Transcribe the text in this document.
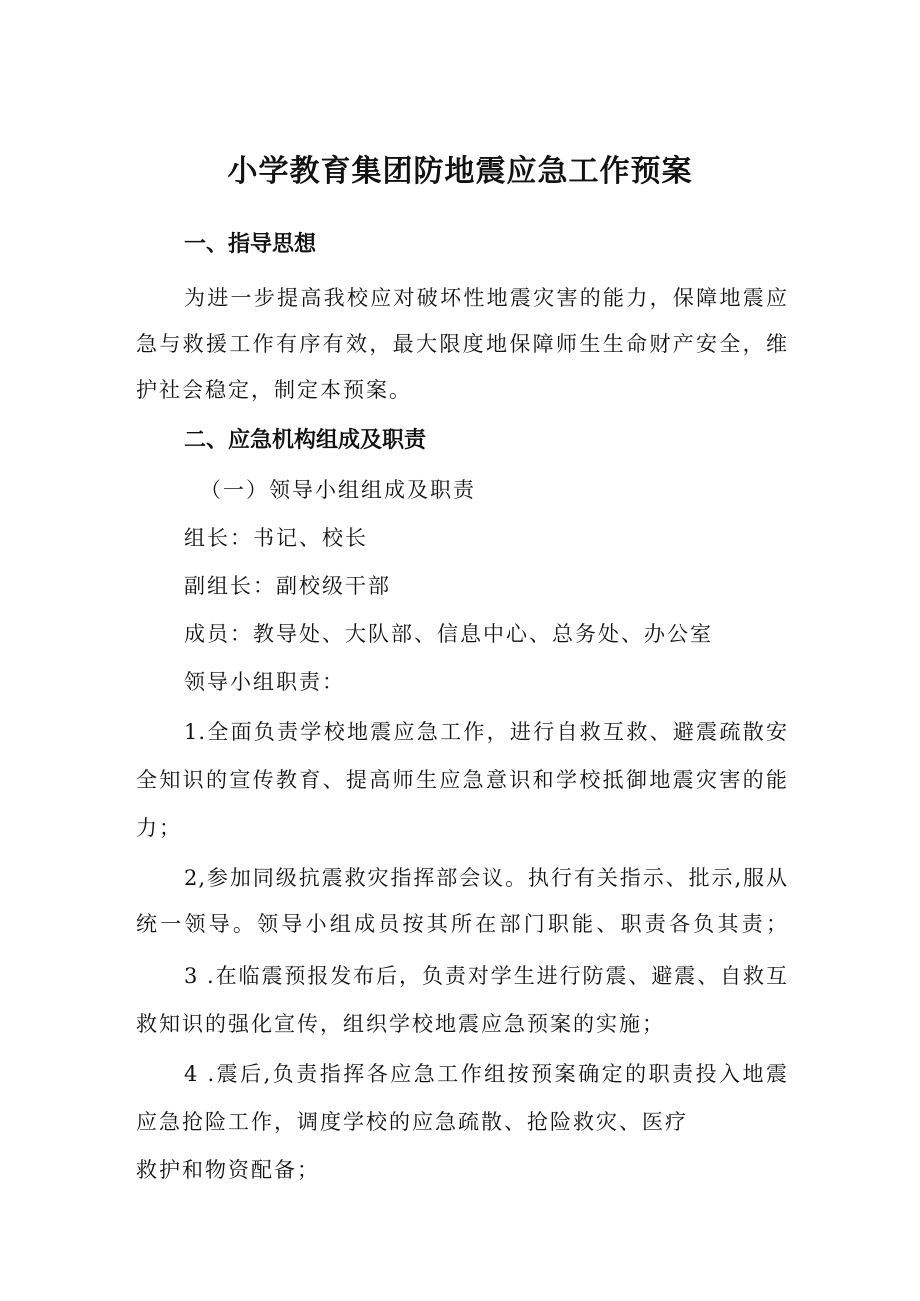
小学教育集团防地震应急工作预案
一、指导思想
为进一步提高我校应对破坏性地震灾害的能力，保障地震应
急与救援工作有序有效，最大限度地保障师生生命财产安全，维
护社会稳定，制定本预案。
二、应急机构组成及职责
（一）领导小组组成及职责
组长：书记、校长
副组长：副校级干部
成员：教导处、大队部、信息中心、总务处、办公室
领导小组职责：
1.全面负责学校地震应急工作，进行自救互救、避震疏散安
全知识的宣传教育、提高师生应急意识和学校抵御地震灾害的能
力；
2,参加同级抗震救灾指挥部会议。执行有关指示、批示,服从
统一领导。领导小组成员按其所在部门职能、职责各负其责；
3 .在临震预报发布后，负责对学生进行防震、避震、自救互
救知识的强化宣传，组织学校地震应急预案的实施；
4 .震后,负责指挥各应急工作组按预案确定的职责投入地震
应急抢险工作，调度学校的应急疏散、抢险救灾、医疗
救护和物资配备；
